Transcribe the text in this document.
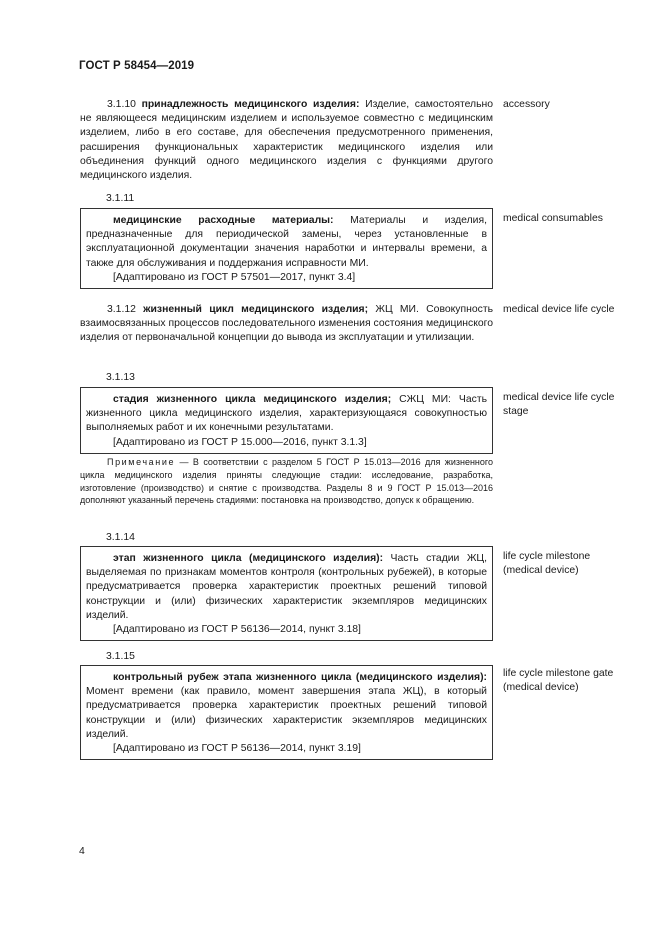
ГОСТ Р 58454—2019

3.1.10 принадлежность медицинского изделия: Изделие, самостоятельно не являющееся медицинским изделием и используемое совместно с медицинским изделием, либо в его составе, для обеспечения предусмотренного применения, расширения функциональных характеристик медицинского изделия или объединения функций одного медицинского изделия с функциями другого медицинского изделия.

accessory
3.1.11

медицинские расходные материалы: Материалы и изделия, предназначенные для периодической замены, через установленные в эксплуатационной документации значения наработки и интервалы времени, а также для обслуживания и поддержания исправности МИ.

[Адаптировано из ГОСТ Р 57501—2017, пункт 3.4]

medical consumables

3.1.12 жизненный цикл медицинского изделия; ЖЦ МИ. Совокупность взаимосвязанных процессов последовательного изменения состояния медицинского изделия от первоначальной концепции до вывода из эксплуатации и утилизации.

medical device life cycle
3.1.13

стадия жизненного цикла медицинского изделия; СЖЦ МИ: Часть жизненного цикла медицинского изделия, характеризующаяся совокупностью выполняемых работ и их конечными результатами.

[Адаптировано из ГОСТ Р 15.000—2016, пункт 3.1.3]

medical device life cycle stage
Примечание — В соответствии с разделом 5 ГОСТ Р 15.013—2016 для жизненного цикла медицинского изделия приняты следующие стадии: исследование, разработка, изготовление (производство) и снятие с производства. Разделы 8 и 9 ГОСТ Р 15.013—2016 дополняют указанный перечень стадиями: постановка на производство, допуск к обращению.
3.1.14

этап жизненного цикла (медицинского изделия): Часть стадии ЖЦ, выделяемая по признакам моментов контроля (контрольных рубежей), в которые предусматривается проверка характеристик проектных решений типовой конструкции и (или) физических характеристик экземпляров медицинских изделий.

[Адаптировано из ГОСТ Р 56136—2014, пункт 3.18]

life cycle milestone (medical device)
3.1.15

контрольный рубеж этапа жизненного цикла (медицинского изделия): Момент времени (как правило, момент завершения этапа ЖЦ), в который предусматривается проверка характеристик проектных решений типовой конструкции и (или) физических характеристик экземпляров медицинских изделий.

[Адаптировано из ГОСТ Р 56136—2014, пункт 3.19]

life cycle milestone gate (medical device)
4
